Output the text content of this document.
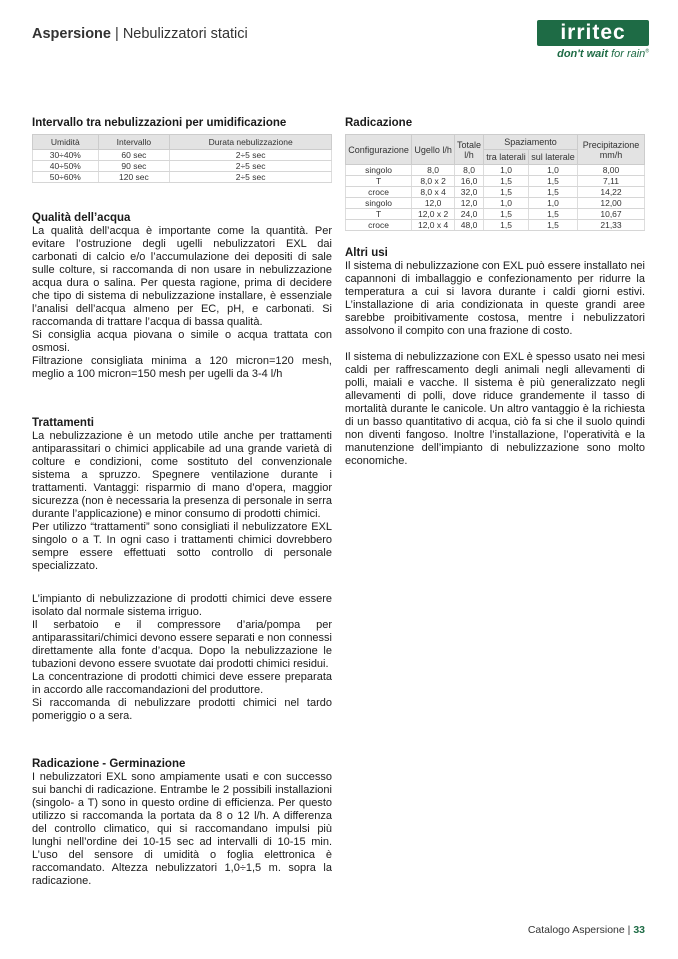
Aspersione | Nebulizzatori statici	irritec
don't wait for rain®
Intervallo tra nebulizzazioni per umidificazione
Umidità	Intervallo	Durata nebulizzazione
30÷40%	60 sec	2÷5 sec
40÷50%	90 sec	2÷5 sec
50÷60%	120 sec	2÷5 sec
Qualità dell’acqua

La qualità dell’acqua è importante come la quantità. Per evitare l’ostruzione degli ugelli nebulizzatori EXL dai carbonati di calcio e/o l’accumulazione dei depositi di sale sulle colture, si raccomanda di non usare in nebulizzazione acqua dura o salina. Per questa ragione, prima di decidere che tipo di sistema di nebulizzazione installare, è essenziale l’analisi dell’acqua almeno per EC, pH, e carbonati. Si raccomanda di trattare l’acqua di bassa qualità.

Si consiglia acqua piovana o simile o acqua trattata con osmosi.

Filtrazione consigliata minima a 120 micron=120 mesh, meglio a 100 micron=150 mesh per ugelli da 3-4 l/h

Trattamenti

La nebulizzazione è un metodo utile anche per trattamenti antiparassitari o chimici applicabile ad una grande varietà di colture e condizioni, come sostituto del convenzionale sistema a spruzzo. Spegnere ventilazione durante i trattamenti. Vantaggi: risparmio di mano d’opera, maggior sicurezza (non è necessaria la presenza di personale in serra durante l’applicazione) e minor consumo di prodotti chimici.

Per utilizzo “trattamenti” sono consigliati il nebulizzatore EXL singolo o a T. In ogni caso i trattamenti chimici dovrebbero sempre essere effettuati sotto controllo di personale specializzato.

L’impianto di nebulizzazione di prodotti chimici deve essere isolato dal normale sistema irriguo.

Il serbatoio e il compressore d’aria/pompa per antiparassitari/chimici devono essere separati e non connessi direttamente alla fonte d’acqua. Dopo la nebulizzazione le tubazioni devono essere svuotate dai prodotti chimici residui.

La concentrazione di prodotti chimici deve essere preparata in accordo alle raccomandazioni del produttore.

Si raccomanda di nebulizzare prodotti chimici nel tardo pomeriggio o a sera.

Radicazione - Germinazione

I nebulizzatori EXL sono ampiamente usati e con successo sui banchi di radicazione. Entrambe le 2 possibili installazioni (singolo- a T) sono in questo ordine di efficienza. Per questo utilizzo si raccomanda la portata da 8 o 12 l/h. A differenza del controllo climatico, qui si raccomandano impulsi più lunghi nell’ordine dei 10-15 sec ad intervalli di 10-15 min. L’uso del sensore di umidità o foglia elettronica è raccomandato. Altezza nebulizzatori 1,0÷1,5 m. sopra la radicazione.

Radicazione
Configurazione	Ugello l/h	Totale l/h	Spaziamento		Precipitazione mm/h
			tra laterali	sul laterale	
singolo	8,0	8,0	1,0	1,0	8,00
T	8,0 x 2	16,0	1,5	1,5	7,11
croce	8,0 x 4	32,0	1,5	1,5	14,22
singolo	12,0	12,0	1,0	1,0	12,00
T	12,0 x 2	24,0	1,5	1,5	10,67
croce	12,0 x 4	48,0	1,5	1,5	21,33
Altri usi

Il sistema di nebulizzazione con EXL può essere installato nei capannoni di imballaggio e confezionamento per ridurre la temperatura a cui si lavora durante i caldi giorni estivi. L’installazione di aria condizionata in queste grandi aree sarebbe proibitivamente costosa, mentre i nebulizzatori assolvono il compito con una frazione di costo.

Il sistema di nebulizzazione con EXL è spesso usato nei mesi caldi per raffrescamento degli animali negli allevamenti di polli, maiali e vacche. Il sistema è più generalizzato negli allevamenti di polli, dove riduce grandemente il tasso di mortalità durante le canicole. Un altro vantaggio è la richiesta di un basso quantitativo di acqua, ciò fa si che il suolo quindi non diventi fangoso. Inoltre l’installazione, l’operatività e la manutenzione dell’impianto di nebulizzazione sono molto economiche.

Catalogo Aspersione | 33
